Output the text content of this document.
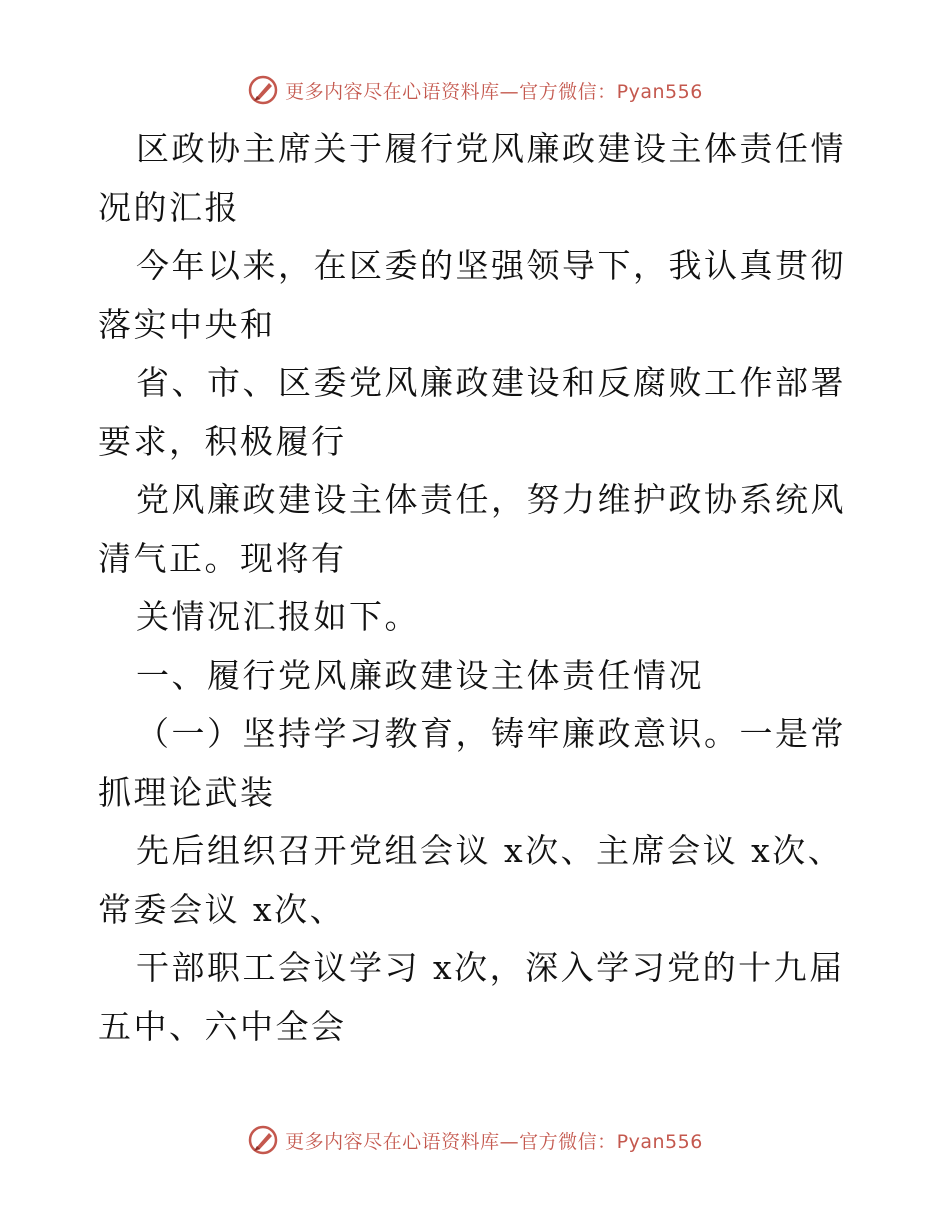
更多内容尽在心语资料库—官方微信：Pyan556

区政协主席关于履行党风廉政建设主体责任情况的汇报

今年以来，在区委的坚强领导下，我认真贯彻落实中央和

省、市、区委党风廉政建设和反腐败工作部署要求，积极履行

党风廉政建设主体责任，努力维护政协系统风清气正。现将有

关情况汇报如下。

一、履行党风廉政建设主体责任情况

（一）坚持学习教育，铸牢廉政意识。一是常抓理论武装

先后组织召开党组会议 x次、主席会议 x次、常委会议 x次、

干部职工会议学习 x次，深入学习党的十九届五中、六中全会

更多内容尽在心语资料库—官方微信：Pyan556
